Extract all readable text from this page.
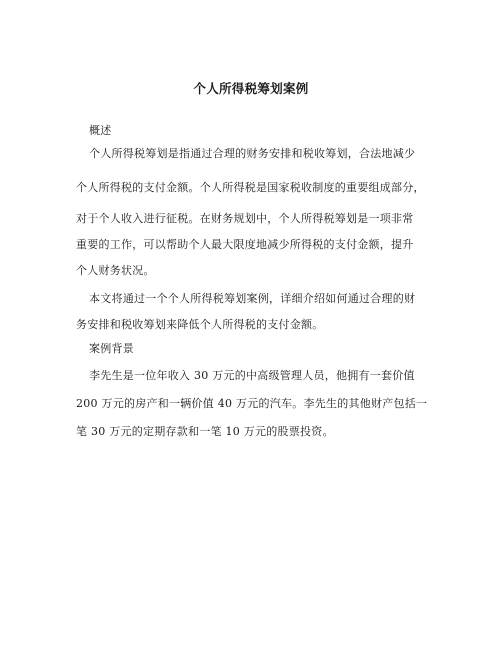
个人所得税筹划案例
概述
个人所得税筹划是指通过合理的财务安排和税收筹划，合法地减少
个人所得税的支付金额。个人所得税是国家税收制度的重要组成部分，
对于个人收入进行征税。在财务规划中，个人所得税筹划是一项非常
重要的工作，可以帮助个人最大限度地减少所得税的支付金额，提升
个人财务状况。
本文将通过一个个人所得税筹划案例，详细介绍如何通过合理的财
务安排和税收筹划来降低个人所得税的支付金额。
案例背景
李先生是一位年收入 30 万元的中高级管理人员，他拥有一套价值
200 万元的房产和一辆价值 40 万元的汽车。李先生的其他财产包括一
笔 30 万元的定期存款和一笔 10 万元的股票投资。
